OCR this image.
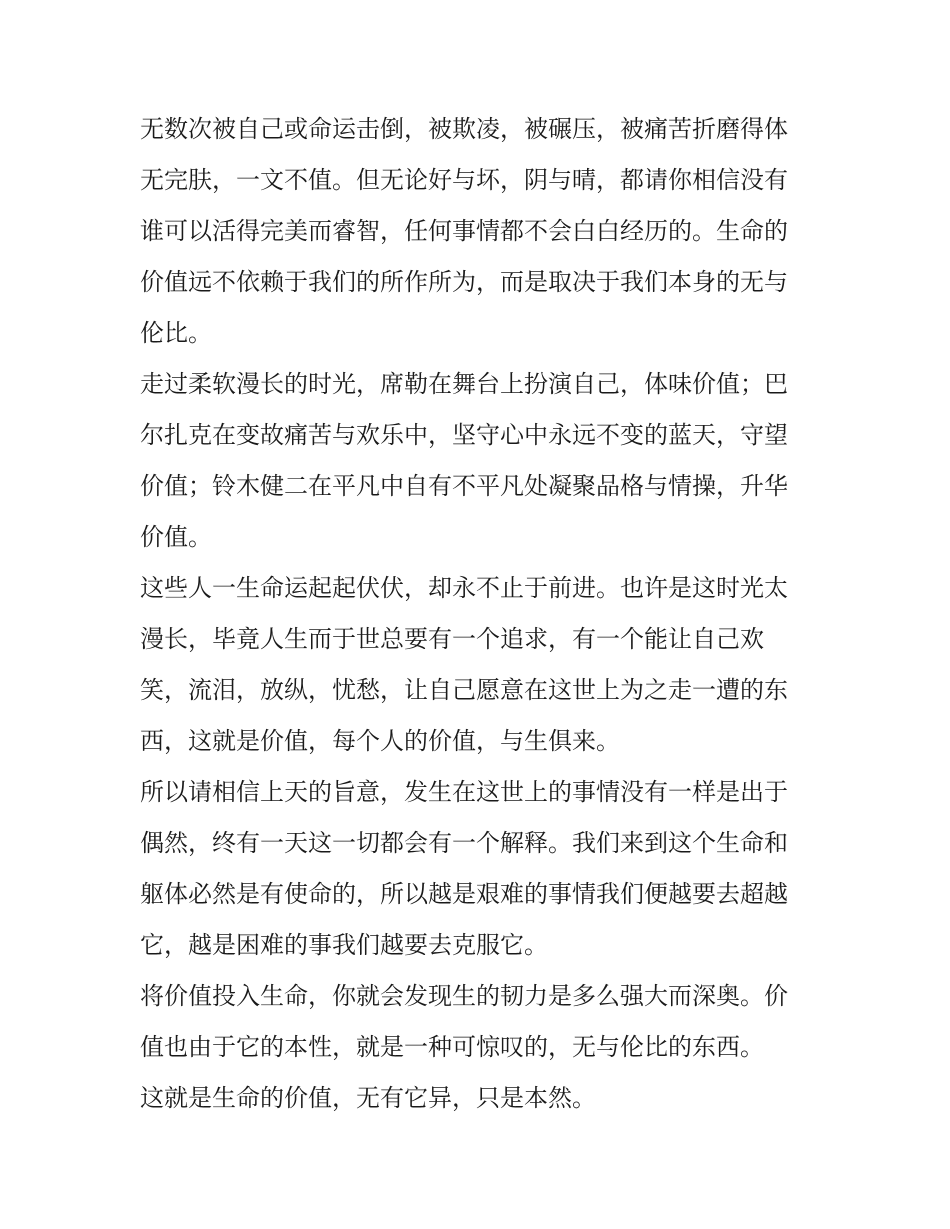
无数次被自己或命运击倒，被欺凌，被碾压，被痛苦折磨得体
无完肤，一文不值。但无论好与坏，阴与晴，都请你相信没有
谁可以活得完美而睿智，任何事情都不会白白经历的。生命的
价值远不依赖于我们的所作所为，而是取决于我们本身的无与
伦比。
走过柔软漫长的时光，席勒在舞台上扮演自己，体味价值；巴
尔扎克在变故痛苦与欢乐中，坚守心中永远不变的蓝天，守望
价值；铃木健二在平凡中自有不平凡处凝聚品格与情操，升华
价值。
这些人一生命运起起伏伏，却永不止于前进。也许是这时光太
漫长，毕竟人生而于世总要有一个追求，有一个能让自己欢
笑，流泪，放纵，忧愁，让自己愿意在这世上为之走一遭的东
西，这就是价值，每个人的价值，与生俱来。
所以请相信上天的旨意，发生在这世上的事情没有一样是出于
偶然，终有一天这一切都会有一个解释。我们来到这个生命和
躯体必然是有使命的，所以越是艰难的事情我们便越要去超越
它，越是困难的事我们越要去克服它。
将价值投入生命，你就会发现生的韧力是多么强大而深奥。价
值也由于它的本性，就是一种可惊叹的，无与伦比的东西。
这就是生命的价值，无有它异，只是本然。
